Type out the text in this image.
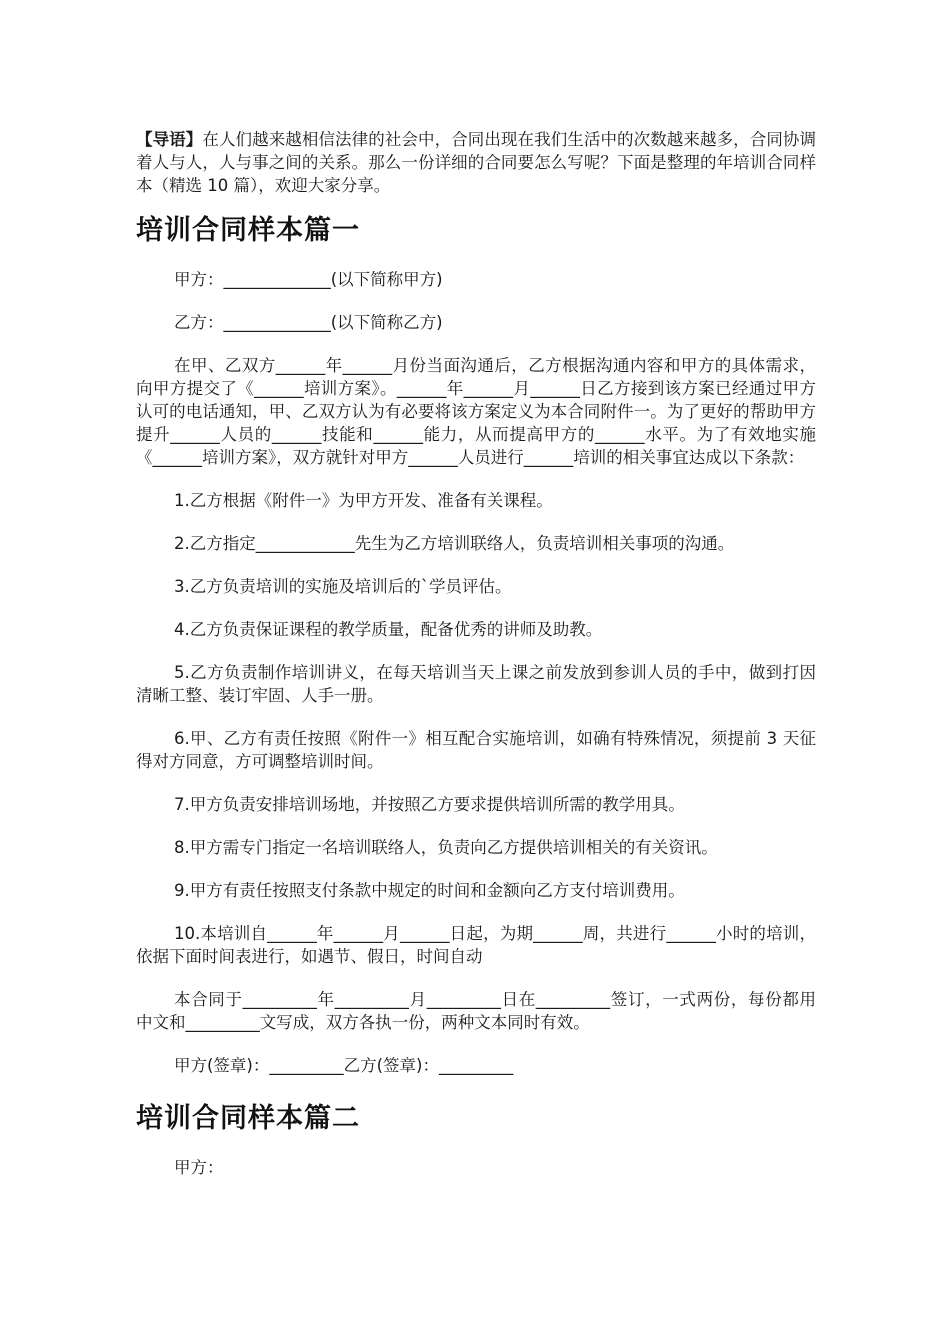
【导语】在人们越来越相信法律的社会中，合同出现在我们生活中的次数越来越多，合同协调着人与人，人与事之间的关系。那么一份详细的合同要怎么写呢？下面是整理的年培训合同样本（精选 10 篇），欢迎大家分享。

培训合同样本篇一

甲方：_____________(以下简称甲方)

乙方：_____________(以下简称乙方)

在甲、乙双方______年______月份当面沟通后，乙方根据沟通内容和甲方的具体需求，向甲方提交了《______培训方案》。______年______月______日乙方接到该方案已经通过甲方认可的电话通知，甲、乙双方认为有必要将该方案定义为本合同附件一。为了更好的帮助甲方提升______人员的______技能和______能力，从而提高甲方的______水平。为了有效地实施《______培训方案》，双方就针对甲方______人员进行______培训的相关事宜达成以下条款：

1.乙方根据《附件一》为甲方开发、准备有关课程。

2.乙方指定____________先生为乙方培训联络人，负责培训相关事项的沟通。

3.乙方负责培训的实施及培训后的`学员评估。

4.乙方负责保证课程的教学质量，配备优秀的讲师及助教。

5.乙方负责制作培训讲义，在每天培训当天上课之前发放到参训人员的手中，做到打因清晰工整、装订牢固、人手一册。

6.甲、乙方有责任按照《附件一》相互配合实施培训，如确有特殊情况，须提前 3 天征得对方同意，方可调整培训时间。

7.甲方负责安排培训场地，并按照乙方要求提供培训所需的教学用具。

8.甲方需专门指定一名培训联络人，负责向乙方提供培训相关的有关资讯。

9.甲方有责任按照支付条款中规定的时间和金额向乙方支付培训费用。

10.本培训自______年______月______日起，为期______周，共进行______小时的培训，依据下面时间表进行，如遇节、假日，时间自动

本合同于_________年_________月_________日在_________签订，一式两份，每份都用中文和_________文写成，双方各执一份，两种文本同时有效。

甲方(签章)：_________乙方(签章)：_________

培训合同样本篇二

甲方：
